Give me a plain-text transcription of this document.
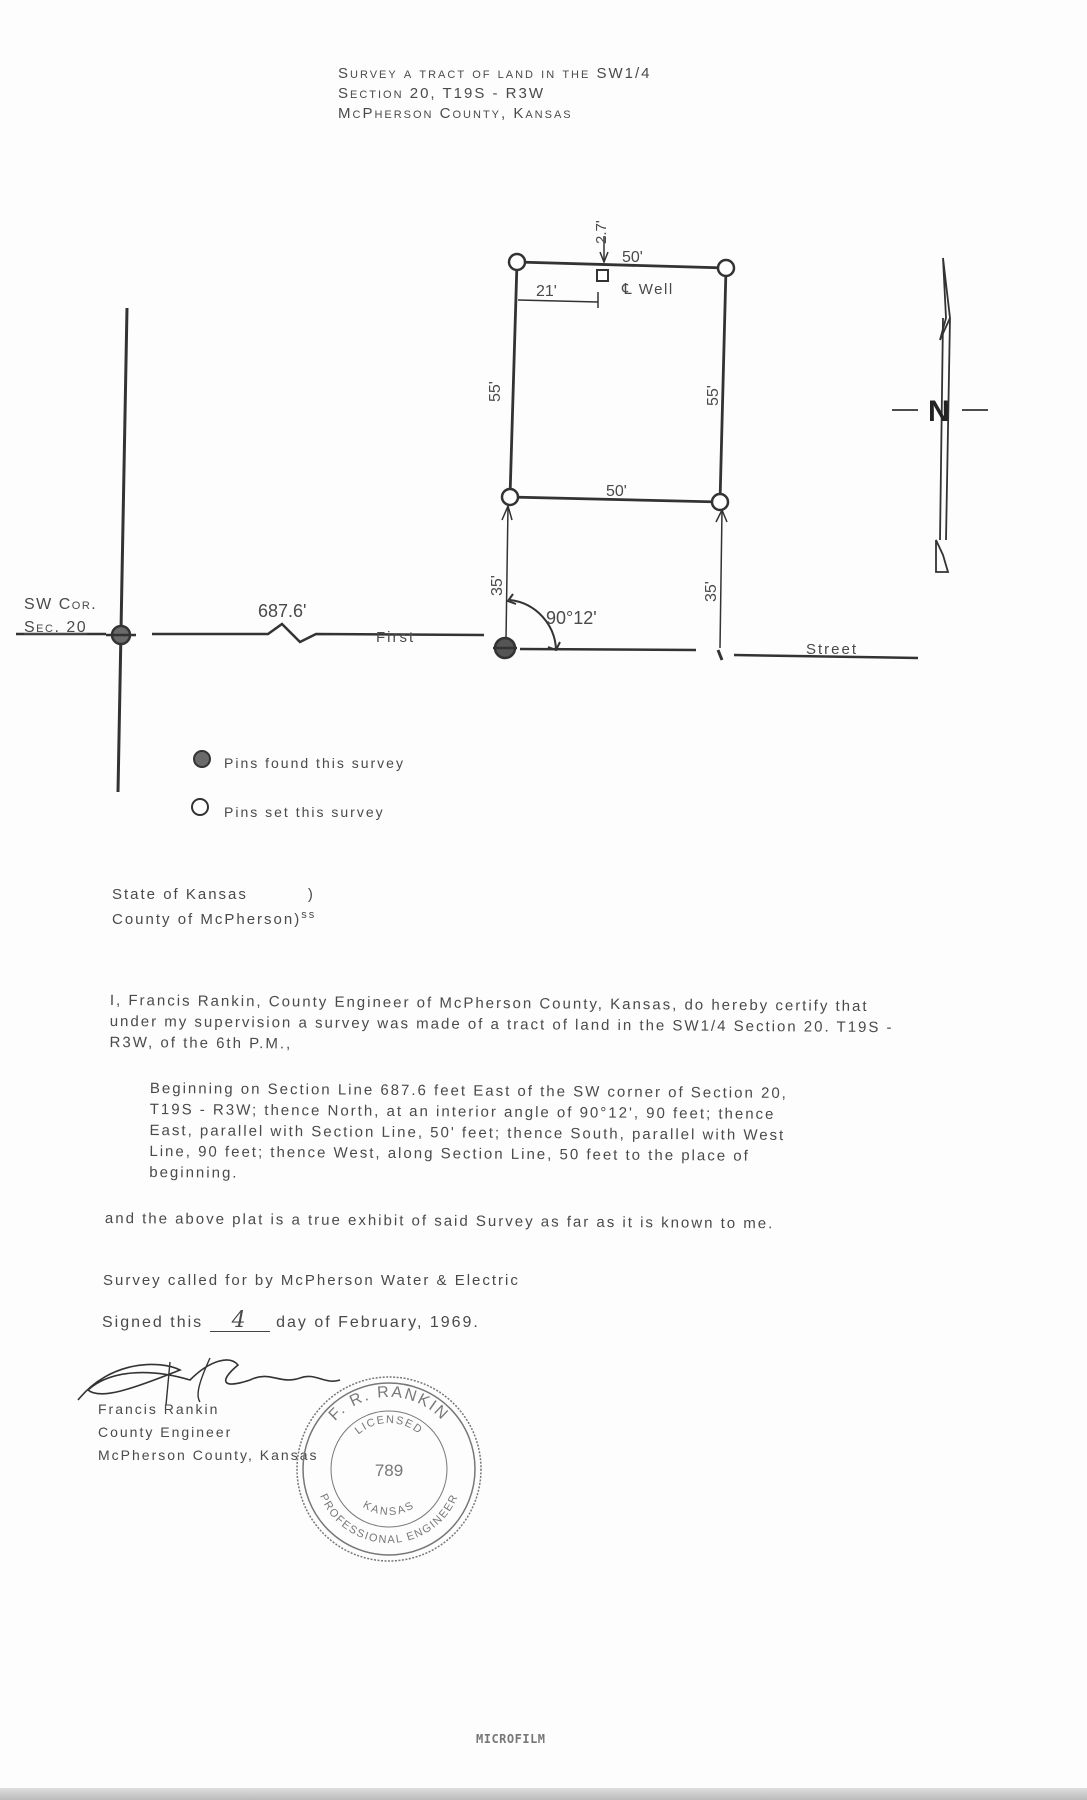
Survey a tract of land in the SW1/4
Section 20, T19S - R3W
McPherson County, Kansas
SW Cor.
Sec. 20
687.6'
First
Street
2.7'
50'
21'	℄ Well
55'	55'
50'
35'	35'
90°12'
N
Pins found this survey
Pins set this survey
State of Kansas	)
County of McPherson)$^{ss}$
I, Francis Rankin, County Engineer of McPherson County, Kansas, do hereby certify that under my supervision a survey was made of a tract of land in the SW1/4 Section 20. T19S - R3W, of the 6th P.M.,
Beginning on Section Line 687.6 feet East of the SW corner of Section 20, T19S - R3W; thence North, at an interior angle of 90°12', 90 feet; thence East, parallel with Section Line, 50' feet; thence South, parallel with West Line, 90 feet; thence West, along Section Line, 50 feet to the place of beginning.
and the above plat is a true exhibit of said Survey as far as it is known to me.
Survey called for by McPherson Water & Electric
Signed this 4 day of February, 1969.
Francis Rankin
County Engineer
McPherson County, Kansas
F. R. RANKIN
PROFESSIONAL ENGINEER
LICENSED
KANSAS
789
MICROFILM
